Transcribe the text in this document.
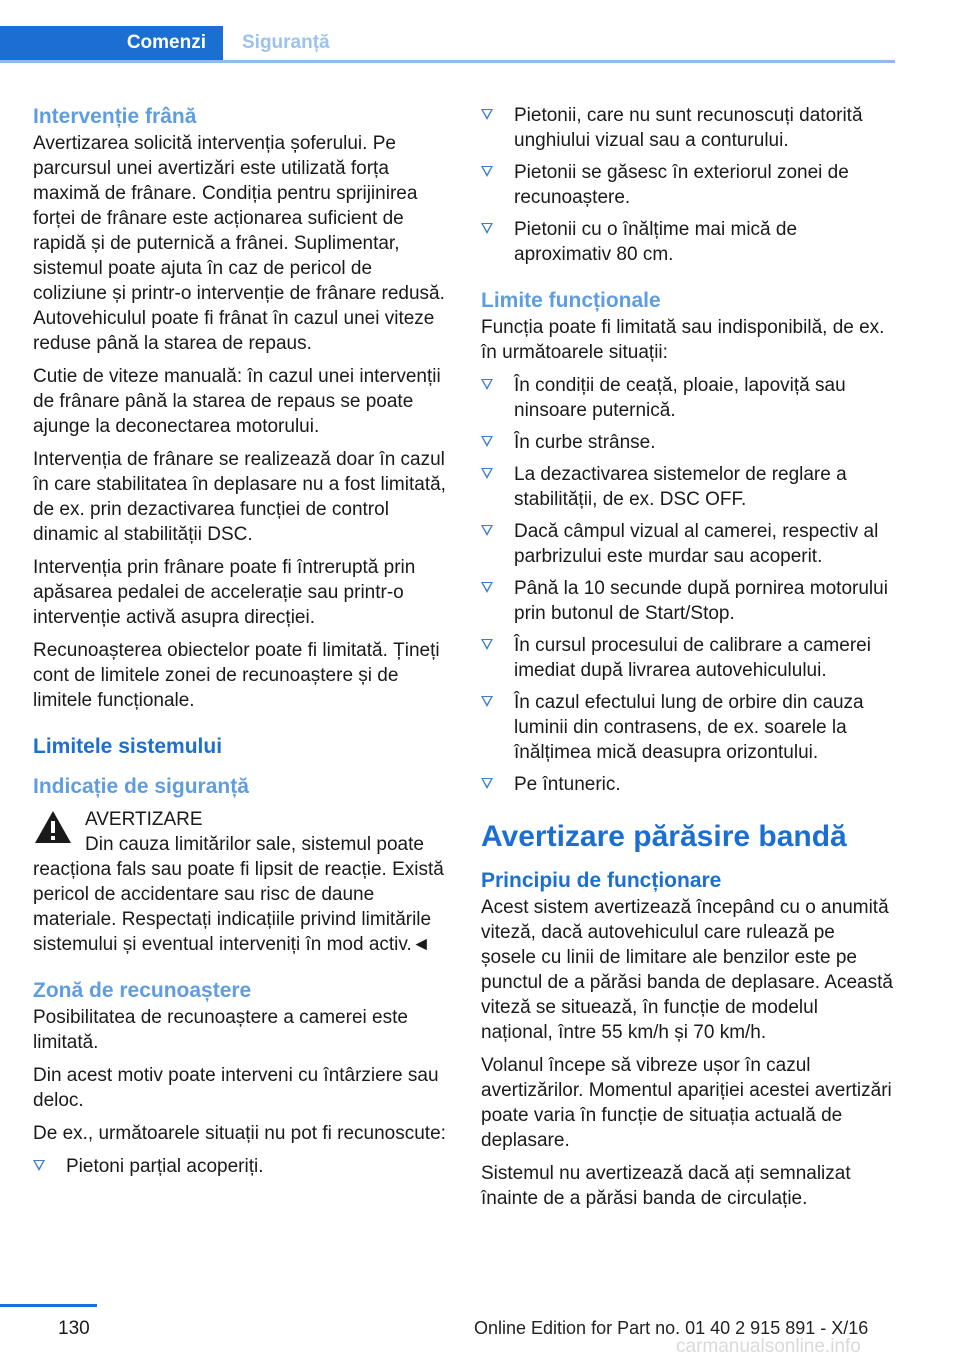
Comenzi Siguranță
Intervenție frână

Avertizarea solicită intervenția șoferului. Pe parcursul unei avertizări este utilizată forța maximă de frânare. Condiția pentru sprijinirea forței de frânare este acționarea suficient de rapidă și de puternică a frânei. Suplimentar, sistemul poate ajuta în caz de pericol de coliziune și printr-o intervenție de frânare redusă. Autovehiculul poate fi frânat în cazul unei viteze reduse până la starea de repaus.

Cutie de viteze manuală: în cazul unei intervenții de frânare până la starea de repaus se poate ajunge la deconectarea motorului.

Intervenția de frânare se realizează doar în cazul în care stabilitatea în deplasare nu a fost limitată, de ex. prin dezactivarea funcției de control dinamic al stabilității DSC.

Intervenția prin frânare poate fi întreruptă prin apăsarea pedalei de accelerație sau printr-o intervenție activă asupra direcției.

Recunoașterea obiectelor poate fi limitată. Țineți cont de limitele zonei de recunoaștere și de limitele funcționale.

Limitele sistemului
Indicație de siguranță
AVERTIZARE
Din cauza limitărilor sale, sistemul poate reacționa fals sau poate fi lipsit de reacție. Există pericol de accidentare sau risc de daune materiale. Respectați indicațiile privind limitările sistemului și eventual interveniți în mod activ.◄
Zonă de recunoaștere

Posibilitatea de recunoaștere a camerei este limitată.

Din acest motiv poate interveni cu întârziere sau deloc.

De ex., următoarele situații nu pot fi recunoscute:

Pietoni parțial acoperiți.
Pietonii, care nu sunt recunoscuți datorită unghiului vizual sau a conturului.
Pietonii se găsesc în exteriorul zonei de recunoaștere.
Pietonii cu o înălțime mai mică de aproximativ 80 cm.
Limite funcționale

Funcția poate fi limitată sau indisponibilă, de ex. în următoarele situații:

În condiții de ceață, ploaie, lapoviță sau ninsoare puternică.
În curbe strânse.
La dezactivarea sistemelor de reglare a stabilității, de ex. DSC OFF.
Dacă câmpul vizual al camerei, respectiv al parbrizului este murdar sau acoperit.
Până la 10 secunde după pornirea motorului prin butonul de Start/Stop.
În cursul procesului de calibrare a camerei imediat după livrarea autovehiculului.
În cazul efectului lung de orbire din cauza luminii din contrasens, de ex. soarele la înălțimea mică deasupra orizontului.
Pe întuneric.
Avertizare părăsire bandă
Principiu de funcționare

Acest sistem avertizează începând cu o anumită viteză, dacă autovehiculul care rulează pe șosele cu linii de limitare ale benzilor este pe punctul de a părăsi banda de deplasare. Această viteză se situează, în funcție de modelul național, între 55 km/h și 70 km/h.

Volanul începe să vibreze ușor în cazul avertizărilor. Momentul apariției acestei avertizări poate varia în funcție de situația actuală de deplasare.

Sistemul nu avertizează dacă ați semnalizat înainte de a părăsi banda de circulație.

130	Online Edition for Part no. 01 40 2 915 891 - X/16
carmanualsonline.info
